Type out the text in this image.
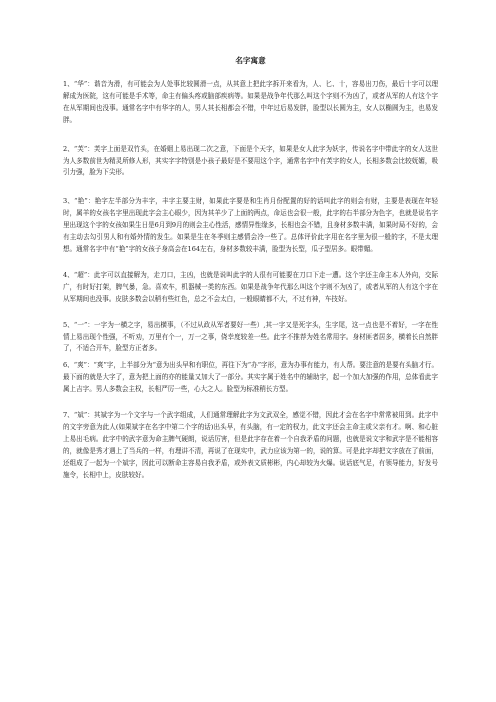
名字寓意

1、“华”：谐音为滑，有可能会为人处事比较圆滑一点，从其意上把此字拆开来看为，人、匕、十，容易出刀伤，最后十字可以理解成为医院，这有可能是手术等，命主有偏头疼或脑部疾病等。如果是战争年代那么叫这个字则不为凶了，或者从军的人有这个字在从军期间也没事。通常名字中有华字的人，男人其长相都会不错，中年过后易发胖，脸型以长圆为主，女人以椭圆为主，也易发胖。

2、“芙”：芙字上面是双竹头，在婚姻上易出现二次之意，下面是个天字，如果是女人此字为妖字，传说名字中带此字的女人这世为人多数前世为精灵所修人形，其实字字特别是小孩子最好是不要用这个字，通常名字中有芙字的女人，长相多数会比较妩媚，吸引力强，脸为下尖形。

3、“艳”：艳字左半部分为丰字，丰字主要主财，如果此字要是和生肖月份配置的好的话叫此字的则会有财，主要是表现在年轻时，属羊的女孩名字里出现此字会主心眼少，因为其羊少了上面的两点，命运也会很一般，此字的右半部分为色字，也就是说名字里出现这个字的女孩如果生日是6月到9月的则会主心性活，感情异性缘多，长相也会不错，且身材多数丰满，如果时局不好的，会有主动去勾引男人和有婚外情的发生。如果是生在冬季则主感情会冷一些了。总体评价此字用在名字里为很一般的字，不是太理想。通常名字中有“艳”字的女孩子身高会在164左右，身材多数较丰满，脸型为长型，瓜子型居多。眼带媚。

4、“超”：此字可以直接解为，走刀口，主凶，也就是说叫此字的人很有可能要在刀口下走一遭。这个字还主命主本人外向，交际广，有时好打架，脾气暴，急。喜欢车，机器械一类的东西。如果是战争年代那么叫这个字则不为凶了，或者从军的人有这个字在从军期间也没事。皮肤多数会以稍有些红色，总之不会太白，一般眼睛都不大，不过有神，车技好。

5、“一”：一字为一横之字，易出横事，（不过从政从军者要好一些）,其一字又是死字头，生字尾，这一点也是不着好，一字在性情上易出现个性强，不听劝，万里有个一，万一之事，侥幸度较差一些。此字不推荐为姓名常用字。身材匪者居多，横着长自然胖了，不适合开车，脸型方正者多。

6、“爽”：“爽”字，上半部分为“意为出头早和有职位，再往下为“办”字形，意为办事有能力，有人帮。要注意的是要有头脑才行。最下面的就是大字了，意为把上面的亦的能量又加大了一部分。其实字属于姓名中的辅助字，起一个加大加强的作用，总体看此字属上吉字。男人多数会主权，长相严厉一些，心大之人。脸型为标准稍长方型。

7、“斌”：其斌字为一个文字与一个武字组成，人们通常理解此字为文武双全，感觉不错，因此才会在名字中常常被用到。此字中的文字旁意为此人(如果斌字在名字中第二个字的话)出头早，有头脑，有一定的权力，此文字还会主命主或父亲有才。啊、和心脏上易出毛病。此字中的武字意为命主脾气硬朗，说话厉害，但是此字存在着一个自我矛盾的问题，也就是说文字和武字是不能相容的，就像是秀才遇上了当兵的一样，有理讲不清，再说了在现实中，武力应该为第一的，说的算。可是此字却把文字放在了前面，还组成了一起为一个斌字，因此可以断命主容易自我矛盾，或外表文质彬彬，内心却较为火爆。说话底气足，有领导能力，好发号施令，长相中上，皮肤较好。
